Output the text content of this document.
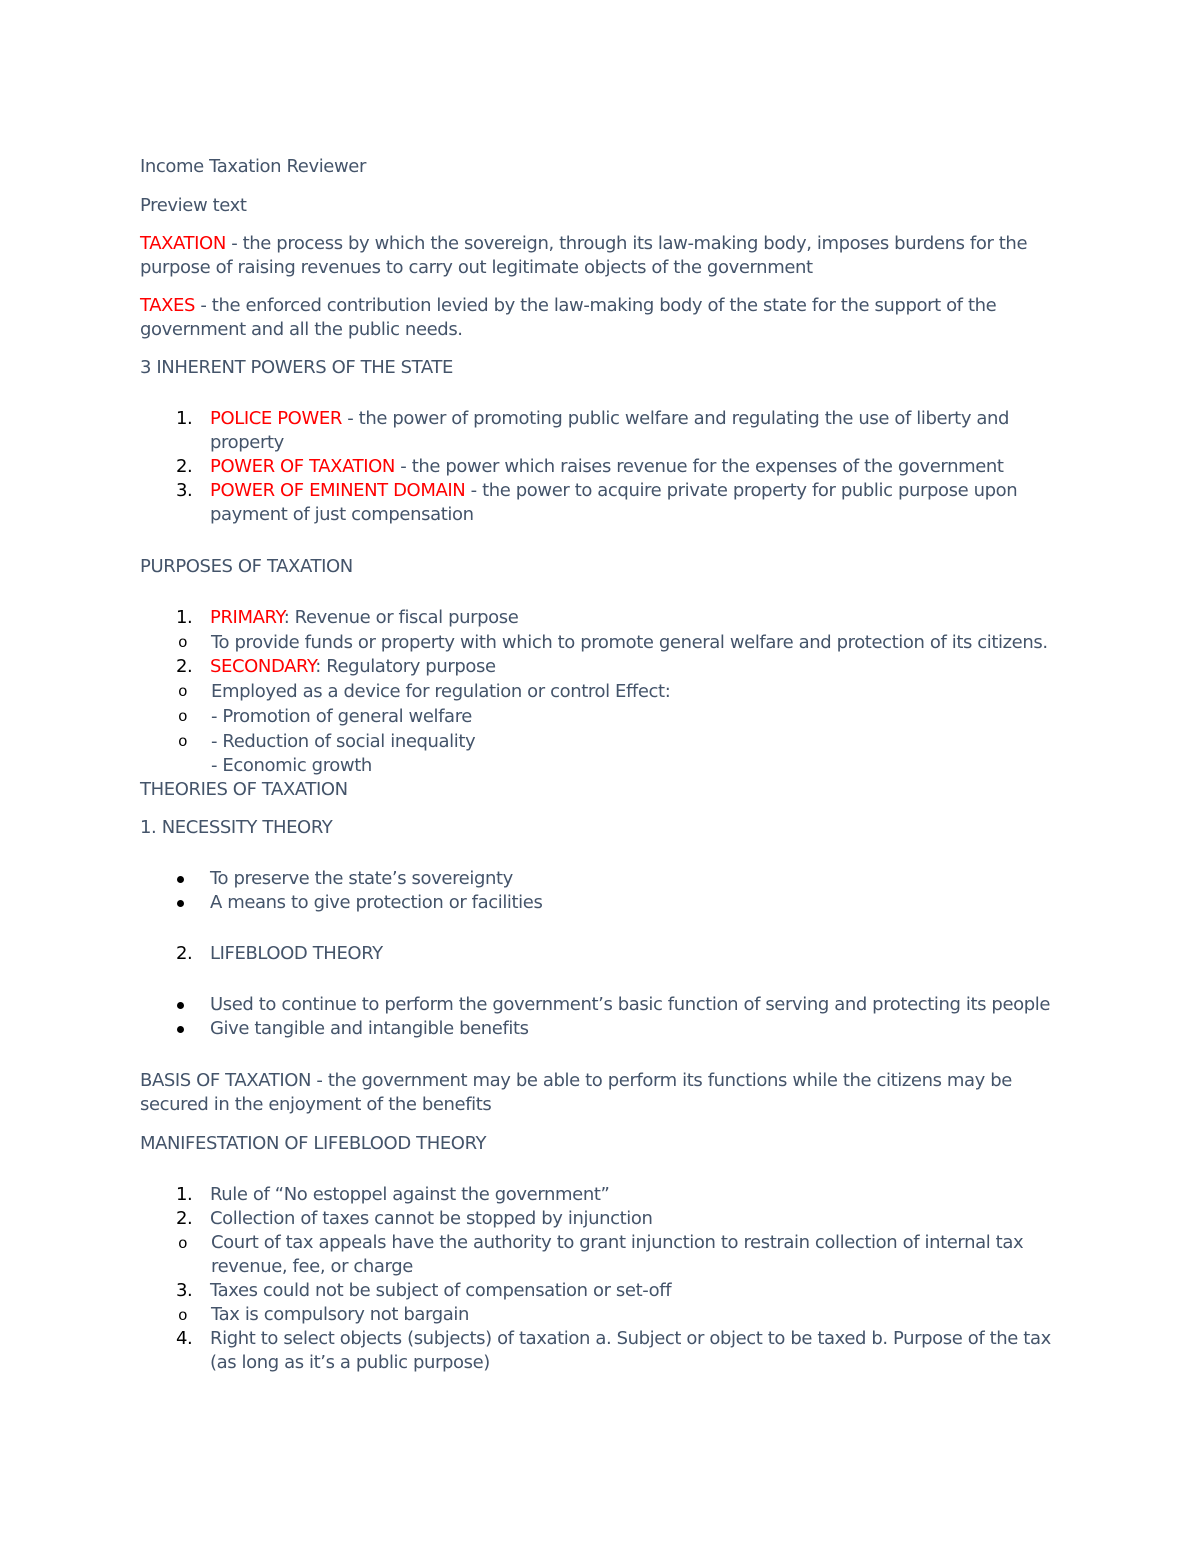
Income Taxation Reviewer

Preview text

TAXATION - the process by which the sovereign, through its law-making body, imposes burdens for the purpose of raising revenues to carry out legitimate objects of the government

TAXES - the enforced contribution levied by the law-making body of the state for the support of the government and all the public needs.

3 INHERENT POWERS OF THE STATE

1. POLICE POWER - the power of promoting public welfare and regulating the use of liberty and property
2. POWER OF TAXATION - the power which raises revenue for the expenses of the government
3. POWER OF EMINENT DOMAIN - the power to acquire private property for public purpose upon payment of just compensation

PURPOSES OF TAXATION

1. PRIMARY: Revenue or fiscal purpose
o To provide funds or property with which to promote general welfare and protection of its citizens.
2. SECONDARY: Regulatory purpose
o Employed as a device for regulation or control Effect:
o - Promotion of general welfare
o - Reduction of social inequality
- Economic growth

THEORIES OF TAXATION

1. NECESSITY THEORY

To preserve the state’s sovereignty
A means to give protection or facilities
2. LIFEBLOOD THEORY
Used to continue to perform the government’s basic function of serving and protecting its people
Give tangible and intangible benefits

BASIS OF TAXATION - the government may be able to perform its functions while the citizens may be secured in the enjoyment of the benefits

MANIFESTATION OF LIFEBLOOD THEORY

1. Rule of “No estoppel against the government”
2. Collection of taxes cannot be stopped by injunction
o Court of tax appeals have the authority to grant injunction to restrain collection of internal tax revenue, fee, or charge
3. Taxes could not be subject of compensation or set-off
o Tax is compulsory not bargain
4. Right to select objects (subjects) of taxation a. Subject or object to be taxed b. Purpose of the tax (as long as it’s a public purpose)
